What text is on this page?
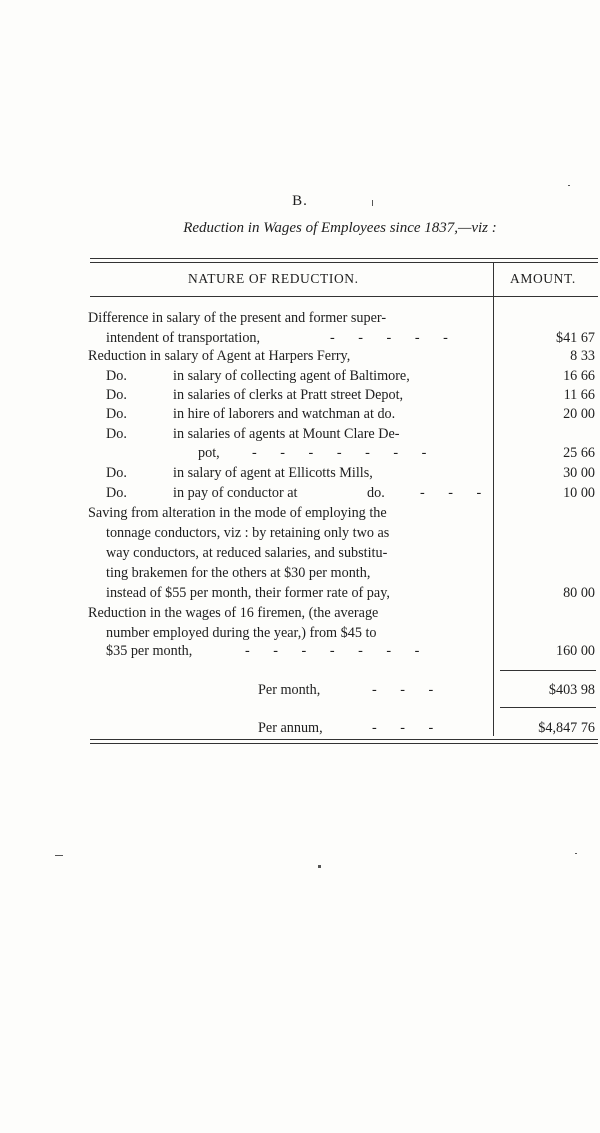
B.
Reduction in Wages of Employees since 1837,—viz :
NATURE OF REDUCTION.	AMOUNT.
Difference in salary of the present and former super-
intendent of transportation,	- - - - -	$41 67
Reduction in salary of Agent at Harpers Ferry,	8 33
Do.	in salary of collecting agent of Baltimore,	16 66
Do.	in salaries of clerks at Pratt street Depot,	11 66
Do.	in hire of laborers and watchman at do.	20 00
Do.	in salaries of agents at Mount Clare De-
pot, - - - - - - -	25 66
Do.	in salary of agent at Ellicotts Mills,	30 00
Do.	in pay of conductor at	do. - - -	10 00
Saving from alteration in the mode of employing the
tonnage conductors, viz : by retaining only two as
way conductors, at reduced salaries, and substitu-
ting brakemen for the others at $30 per month,
instead of $55 per month, their former rate of pay,	80 00
Reduction in the wages of 16 firemen, (the average
number employed during the year,) from $45 to
$35 per month,	- - - - - - -	160 00
Per month,	- - -	$403 98
Per annum,	- - -	$4,847 76
